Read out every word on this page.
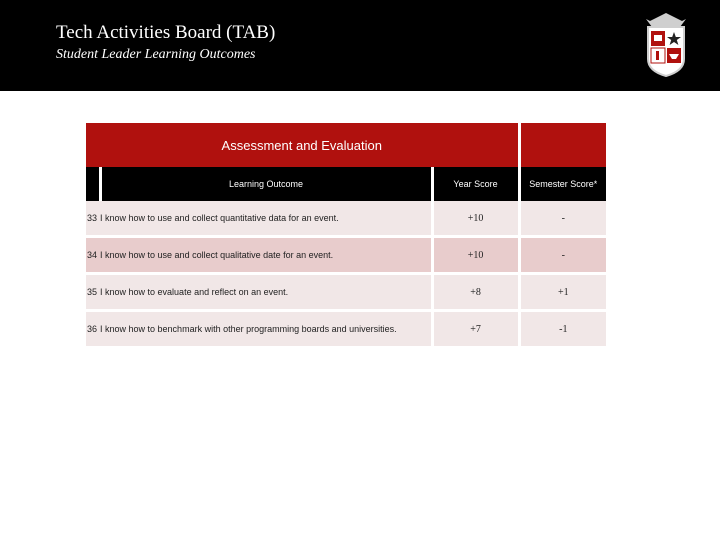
Tech Activities Board (TAB)
Student Leader Learning Outcomes
Assessment and Evaluation			
	Learning Outcome	Year Score	Semester Score*
33 I know how to use and collect quantitative data for an event.		+10	-
34 I know how to use and collect qualitative date for an event.		+10	-
35 I know how to evaluate and reflect on an event.		+8	+1
36 I know how to benchmark with other programming boards and universities.		+7	-1
